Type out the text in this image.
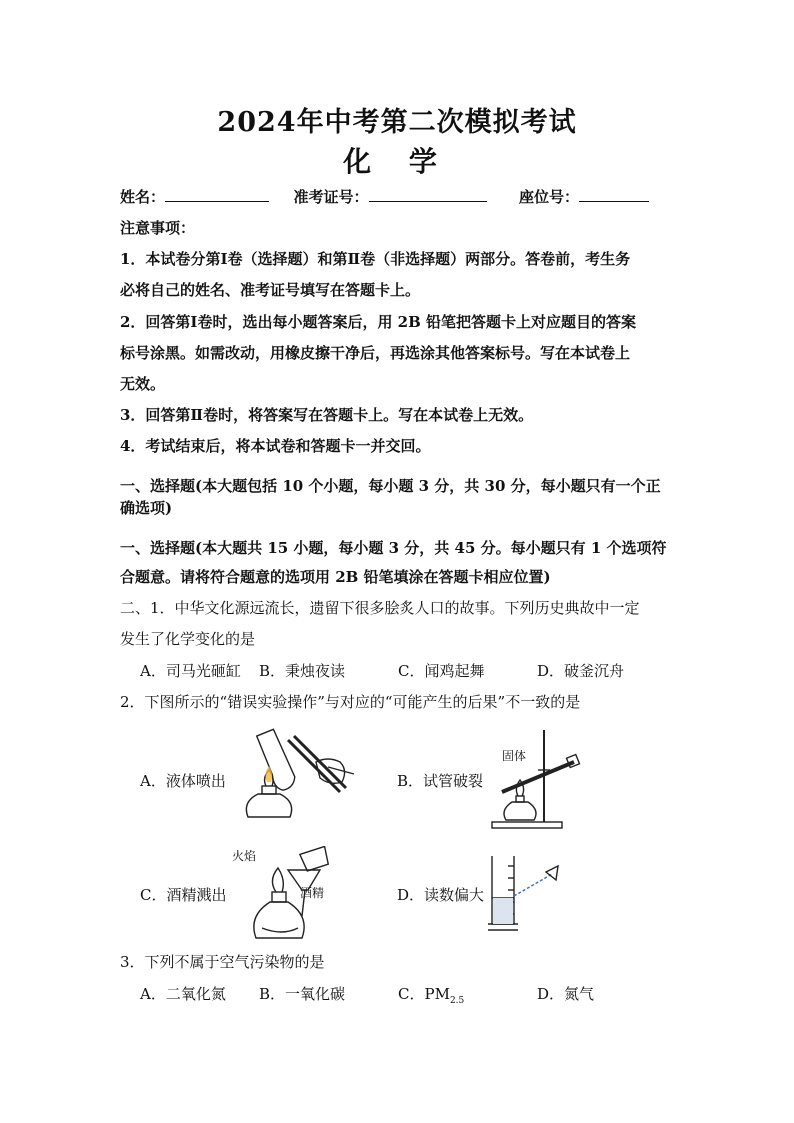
2024年中考第二次模拟考试
化 学
姓名：	准考证号：	座位号：
注意事项：
1．本试卷分第Ⅰ卷（选择题）和第Ⅱ卷（非选择题）两部分。答卷前，考生务
必将自己的姓名、准考证号填写在答题卡上。
2．回答第Ⅰ卷时，选出每小题答案后，用 2B 铅笔把答题卡上对应题目的答案
标号涂黑。如需改动，用橡皮擦干净后，再选涂其他答案标号。写在本试卷上
无效。
3．回答第Ⅱ卷时，将答案写在答题卡上。写在本试卷上无效。
4．考试结束后，将本试卷和答题卡一并交回。
一、选择题(本大题包括 10 个小题，每小题 3 分，共 30 分，每小题只有一个正
确选项)
一、选择题(本大题共 15 小题，每小题 3 分，共 45 分。每小题只有 1 个选项符
合题意。请将符合题意的选项用 2B 铅笔填涂在答题卡相应位置)
二、1．中华文化源远流长，遗留下很多脍炙人口的故事。下列历史典故中一定
发生了化学变化的是
A．司马光砸缸 B．秉烛夜读	C．闻鸡起舞	D．破釜沉舟
2．下图所示的“错误实验操作”与对应的“可能产生的后果”不一致的是
A．液体喷出	B．试管破裂
固体
C．酒精溅出
火焰
酒精	D．读数偏大
3．下列不属于空气污染物的是
A．二氧化氮 B．一氧化碳	C．$PM_{2.5}$	D．氮气
